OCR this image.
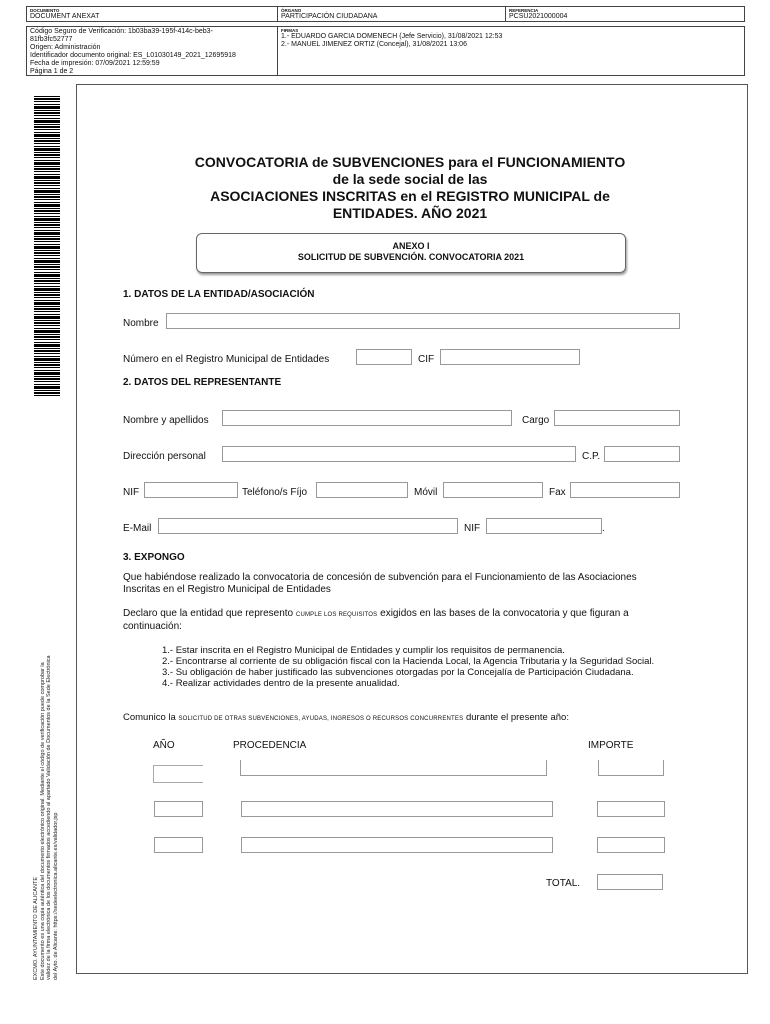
DOCUMENTO
DOCUMENT ANEXAT
ÓRGANO
PARTICIPACIÓN CIUDADANA
REFERENCIA
PCSU2021000004
Código Seguro de Verificación: 1b03ba39-195f-414c-beb3-
81fb3fc52777
Origen: Administración
Identificador documento original: ES_L01030149_2021_12695918
Fecha de impresión: 07/09/2021 12:59:59
Página 1 de 2
FIRMAS
1.- EDUARDO GARCIA DOMENECH (Jefe Servicio), 31/08/2021 12:53
2.- MANUEL JIMENEZ ORTIZ (Concejal), 31/08/2021 13:06
EXCMO. AYUNTAMIENTO DE ALICANTE Este documento es una copia auténtica del documento electrónico original. Mediante el código de verificación puede comprobar la validez de la firma electrónica de los documentos firmados accediendo al apartado Validación de Documentos de la Sede Electrónica del Ayto. de Alicante: https://sedeelectronica.alicante.es/validador.jsp
CONVOCATORIA de SUBVENCIONES para el FUNCIONAMIENTO
de la sede social de las
ASOCIACIONES INSCRITAS en el REGISTRO MUNICIPAL de
ENTIDADES. AÑO 2021
ANEXO I
SOLICITUD DE SUBVENCIÓN. CONVOCATORIA 2021
1. DATOS DE LA ENTIDAD/ASOCIACIÓN
Nombre
Número en el Registro Municipal de Entidades	CIF
2. DATOS DEL REPRESENTANTE
Nombre y apellidos	Cargo
Dirección personal	C.P.
NIF	Teléfono/s Fíjo	Móvil	Fax
E-Mail	NIF	.
3. EXPONGO
Que habiéndose realizado la convocatoria de concesión de subvención para el Funcionamiento de las Asociaciones Inscritas en el Registro Municipal de Entidades
Declaro que la entidad que represento CUMPLE LOS REQUISITOS exigidos en las bases de la convocatoria y que figuran a continuación:
1.- Estar inscrita en el Registro Municipal de Entidades y cumplir los requisitos de permanencia.
2.- Encontrarse al corriente de su obligación fiscal con la Hacienda Local, la Agencia Tributaria y la Seguridad Social.
3.- Su obligación de haber justificado las subvenciones otorgadas por la Concejalía de Participación Ciudadana.
4.- Realizar actividades dentro de la presente anualidad.
Comunico la SOLICITUD DE OTRAS SUBVENCIONES, AYUDAS, INGRESOS O RECURSOS CONCURRENTES durante el presente año:
AÑO	PROCEDENCIA	IMPORTE
TOTAL.
